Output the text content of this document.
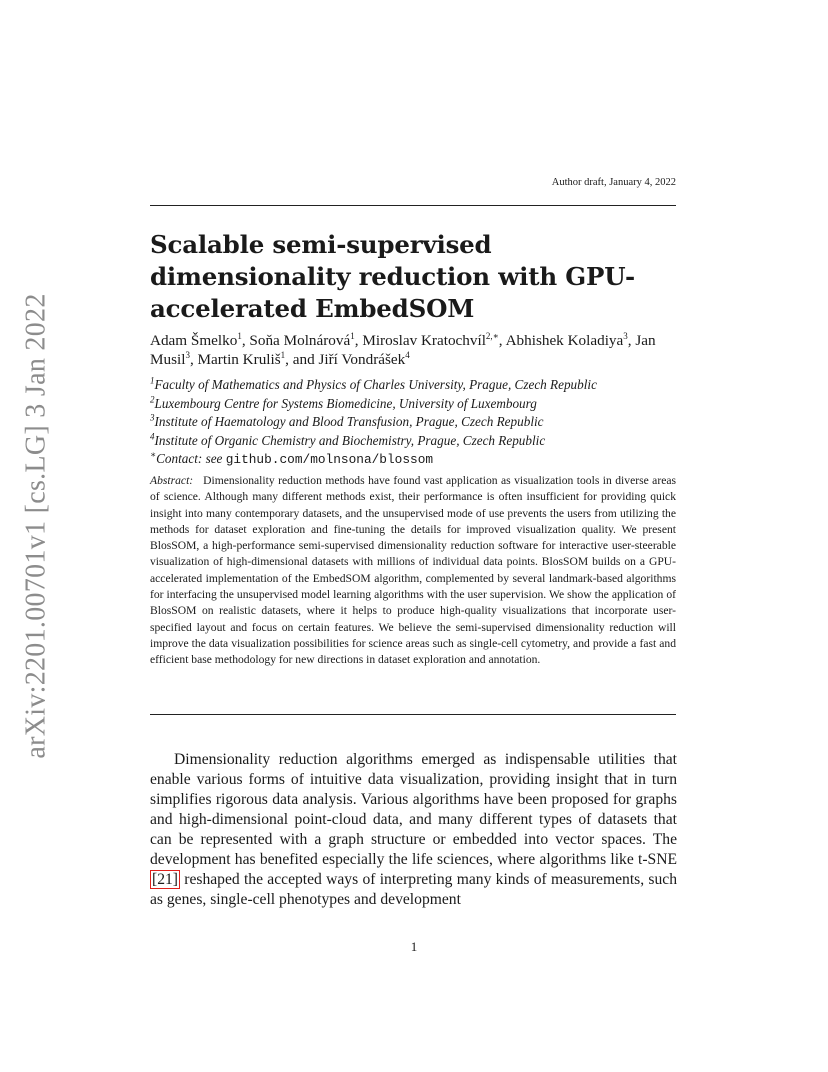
arXiv:2201.00701v1 [cs.LG] 3 Jan 2022
Author draft, January 4, 2022
Scalable semi-supervised dimensionality reduction with GPU-accelerated EmbedSOM

Adam Šmelko$^1$, Soňa Molnárová$^1$, Miroslav Kratochvíl$^{2,∗}$, Abhishek Koladiya$^3$, Jan Musil$^3$, Martin Kruliš$^1$, and Jiří Vondrášek$^4$

$^1$Faculty of Mathematics and Physics of Charles University, Prague, Czech Republic
$^2$Luxembourg Centre for Systems Biomedicine, University of Luxembourg
$^3$Institute of Haematology and Blood Transfusion, Prague, Czech Republic
$^4$Institute of Organic Chemistry and Biochemistry, Prague, Czech Republic
∗Contact: see github.com/molnsona/blossom

Abstract: Dimensionality reduction methods have found vast application as visualization tools in diverse areas of science. Although many different methods exist, their performance is often insufficient for providing quick insight into many contemporary datasets, and the unsupervised mode of use prevents the users from utilizing the methods for dataset exploration and fine-tuning the details for improved visualization quality. We present BlosSOM, a high-performance semi-supervised dimensionality reduction software for interactive user-steerable visualization of high-dimensional datasets with millions of individual data points. BlosSOM builds on a GPU-accelerated implementation of the EmbedSOM algorithm, complemented by several landmark-based algorithms for interfacing the unsupervised model learning algorithms with the user supervision. We show the application of BlosSOM on realistic datasets, where it helps to produce high-quality visualizations that incorporate user-specified layout and focus on certain features. We believe the semi-supervised dimensionality reduction will improve the data visualization possibilities for science areas such as single-cell cytometry, and provide a fast and efficient base methodology for new directions in dataset exploration and annotation.

Dimensionality reduction algorithms emerged as indispensable utilities that enable various forms of intuitive data visualization, providing insight that in turn simplifies rigorous data analysis. Various algorithms have been proposed for graphs and high-dimensional point-cloud data, and many different types of datasets that can be represented with a graph structure or embedded into vector spaces. The development has benefited especially the life sciences, where algorithms like t-SNE [21] reshaped the accepted ways of interpreting many kinds of measurements, such as genes, single-cell phenotypes and development

1
